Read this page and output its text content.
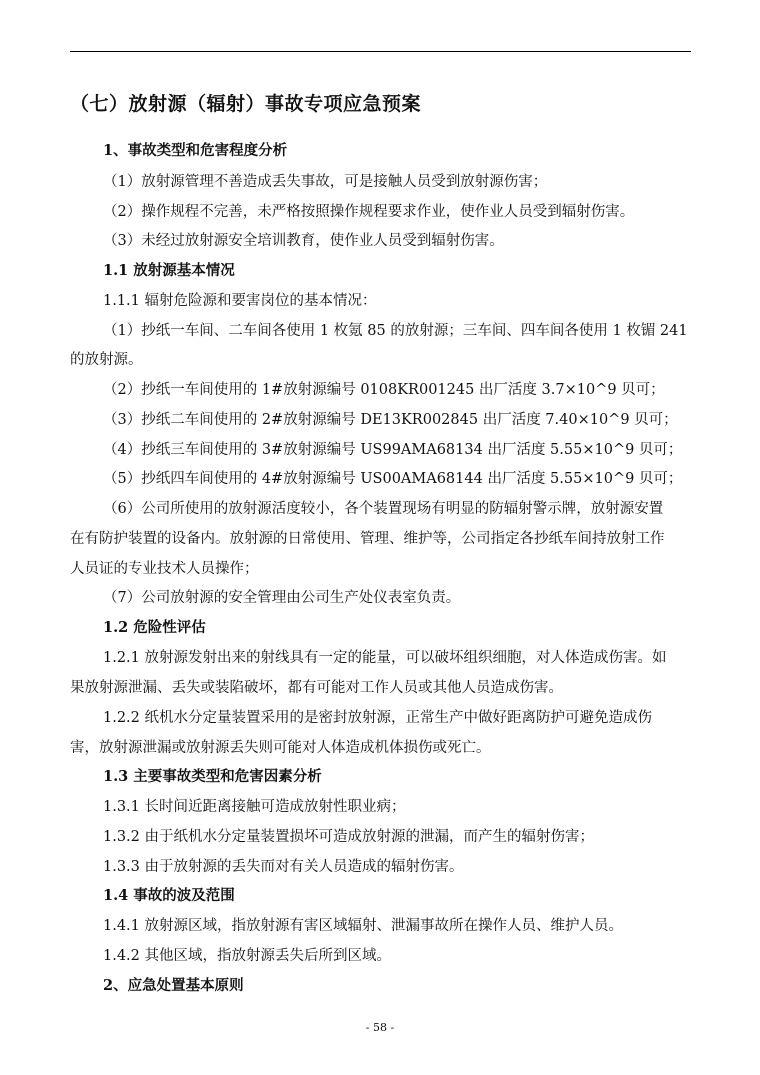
（七）放射源（辐射）事故专项应急预案
1、事故类型和危害程度分析
（1）放射源管理不善造成丢失事故，可是接触人员受到放射源伤害；
（2）操作规程不完善，未严格按照操作规程要求作业，使作业人员受到辐射伤害。
（3）未经过放射源安全培训教育，使作业人员受到辐射伤害。
1.1 放射源基本情况
1.1.1 辐射危险源和要害岗位的基本情况：
（1）抄纸一车间、二车间各使用 1 枚氪 85 的放射源；三车间、四车间各使用 1 枚镅 241
的放射源。
（2）抄纸一车间使用的 1#放射源编号 0108KR001245 出厂活度 3.7×10^9 贝可；
（3）抄纸二车间使用的 2#放射源编号 DE13KR002845 出厂活度 7.40×10^9 贝可；
（4）抄纸三车间使用的 3#放射源编号 US99AMA68134 出厂活度 5.55×10^9 贝可；
（5）抄纸四车间使用的 4#放射源编号 US00AMA68144 出厂活度 5.55×10^9 贝可；
（6）公司所使用的放射源活度较小，各个装置现场有明显的防辐射警示牌，放射源安置
在有防护装置的设备内。放射源的日常使用、管理、维护等，公司指定各抄纸车间持放射工作
人员证的专业技术人员操作；
（7）公司放射源的安全管理由公司生产处仪表室负责。
1.2 危险性评估
1.2.1 放射源发射出来的射线具有一定的能量，可以破坏组织细胞，对人体造成伤害。如
果放射源泄漏、丢失或装陷破坏，都有可能对工作人员或其他人员造成伤害。
1.2.2 纸机水分定量装置采用的是密封放射源，正常生产中做好距离防护可避免造成伤
害，放射源泄漏或放射源丢失则可能对人体造成机体损伤或死亡。
1.3 主要事故类型和危害因素分析
1.3.1 长时间近距离接触可造成放射性职业病；
1.3.2 由于纸机水分定量装置损坏可造成放射源的泄漏，而产生的辐射伤害；
1.3.3 由于放射源的丢失而对有关人员造成的辐射伤害。
1.4 事故的波及范围
1.4.1 放射源区域，指放射源有害区域辐射、泄漏事故所在操作人员、维护人员。
1.4.2 其他区域，指放射源丢失后所到区域。
2、应急处置基本原则
- 58 -
